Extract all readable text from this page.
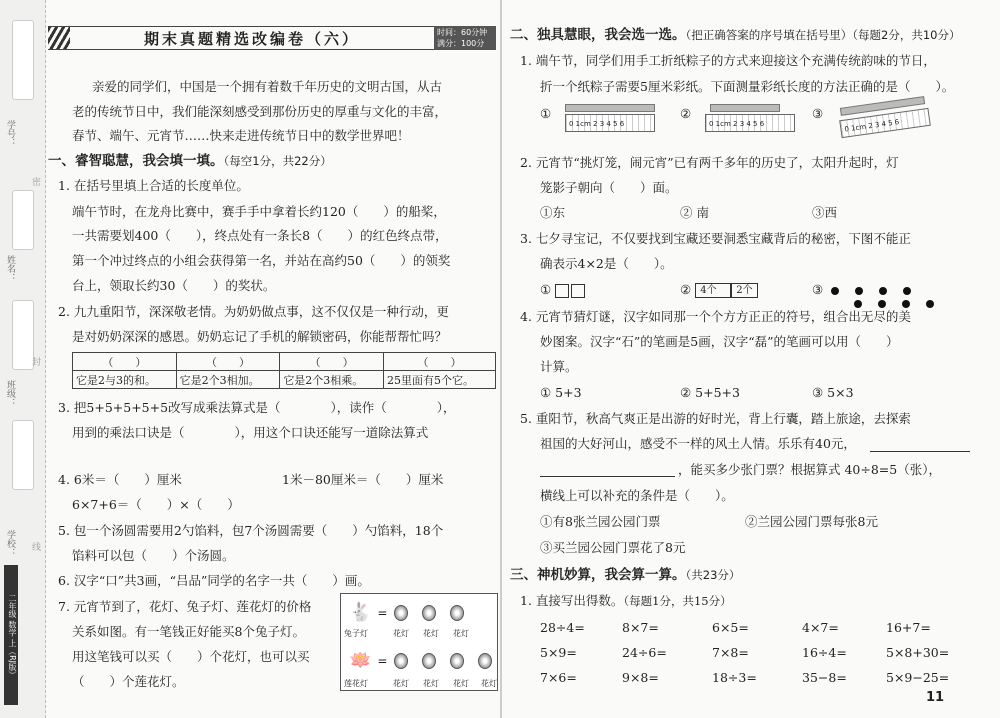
学号：
姓名：
班级：
学校：
密
封
线
二年级 数学 上（RJ版）
期末真题精选改编卷（六）	时间：60分钟
满分：100分
亲爱的同学们，中国是一个拥有着数千年历史的文明古国，从古
老的传统节日中，我们能深刻感受到那份历史的厚重与文化的丰富，
春节、端午、元宵节……快来走进传统节日中的数学世界吧！
一、睿智聪慧，我会填一填。（每空1分，共22分）
1. 在括号里填上合适的长度单位。
端午节时，在龙舟比赛中，赛手手中拿着长约120（　　）的船桨，
一共需要划400（　　），终点处有一条长8（　　）的红色终点带，
第一个冲过终点的小组会获得第一名，并站在高约50（　　）的领奖
台上，领取长约30（　　）的奖状。
2. 九九重阳节，深深敬老情。为奶奶做点事，这不仅仅是一种行动，更
是对奶奶深深的感恩。奶奶忘记了手机的解锁密码，你能帮帮忙吗？
（　　）	（　　）	（　　）	（　　）
它是2与3的和。	它是2个3相加。	它是2个3相乘。	25里面有5个它。
3. 把5+5+5+5+5改写成乘法算式是（　　　　），读作（　　　　），
用到的乘法口诀是（　　　　），用这个口诀还能写一道除法算式
4. 6米＝（　　）厘米	1米－80厘米＝（　　）厘米
6×7+6＝（　　）×（　　）
5. 包一个汤圆需要用2勺馅料，包7个汤圆需要（　　）勺馅料，18个
馅料可以包（　　）个汤圆。
6. 汉字“口”共3画，“吕品”同学的名字一共（　　）画。
7. 元宵节到了，花灯、兔子灯、莲花灯的价格
关系如图。有一笔钱正好能买8个兔子灯。
用这笔钱可以买（　　）个花灯，也可以买
（　　）个莲花灯。
🐇 =
兔子灯	花灯 花灯 花灯
🪷 =
莲花灯	花灯 花灯 花灯 花灯
二、独具慧眼，我会选一选。（把正确答案的序号填在括号里）（每题2分，共10分）
1. 端午节，同学们用手工折纸粽子的方式来迎接这个充满传统韵味的节日，
折一个纸粽子需要5厘米彩纸。下面测量彩纸长度的方法正确的是（　　）。
①
0 1cm 2 3 4 5 6
②
0 1cm 2 3 4 5 6
③
0 1cm 2 3 4 5 6
2. 元宵节“挑灯笼，闹元宵”已有两千多年的历史了，太阳升起时，灯
笼影子朝向（　　）面。
①东	② 南	③西
3. 七夕寻宝记，不仅要找到宝藏还要洞悉宝藏背后的秘密，下图不能正
确表示4×2是（　　）。
①	② 4个 2个	③
4. 元宵节猜灯谜，汉字如同那一个个方方正正的符号，组合出无尽的美
妙图案。汉字“石”的笔画是5画，汉字“磊”的笔画可以用（　　）
计算。
① 5+3	② 5+5+3	③ 5×3
5. 重阳节，秋高气爽正是出游的好时光，背上行囊，踏上旅途，去探索
祖国的大好河山，感受不一样的风土人情。乐乐有40元，
，能买多少张门票？根据算式 40÷8=5（张），
横线上可以补充的条件是（　　）。
①有8张兰园公园门票	②兰园公园门票每张8元
③买兰园公园门票花了8元
三、神机妙算，我会算一算。（共23分）
1. 直接写出得数。（每题1分，共15分）
28÷4=	8×7=	6×5=	4×7=	16+7=
5×9=	24÷6=	7×8=	16÷4=	5×8+30=
7×6=	9×8=	18÷3=	35−8=	5×9−25=
11
